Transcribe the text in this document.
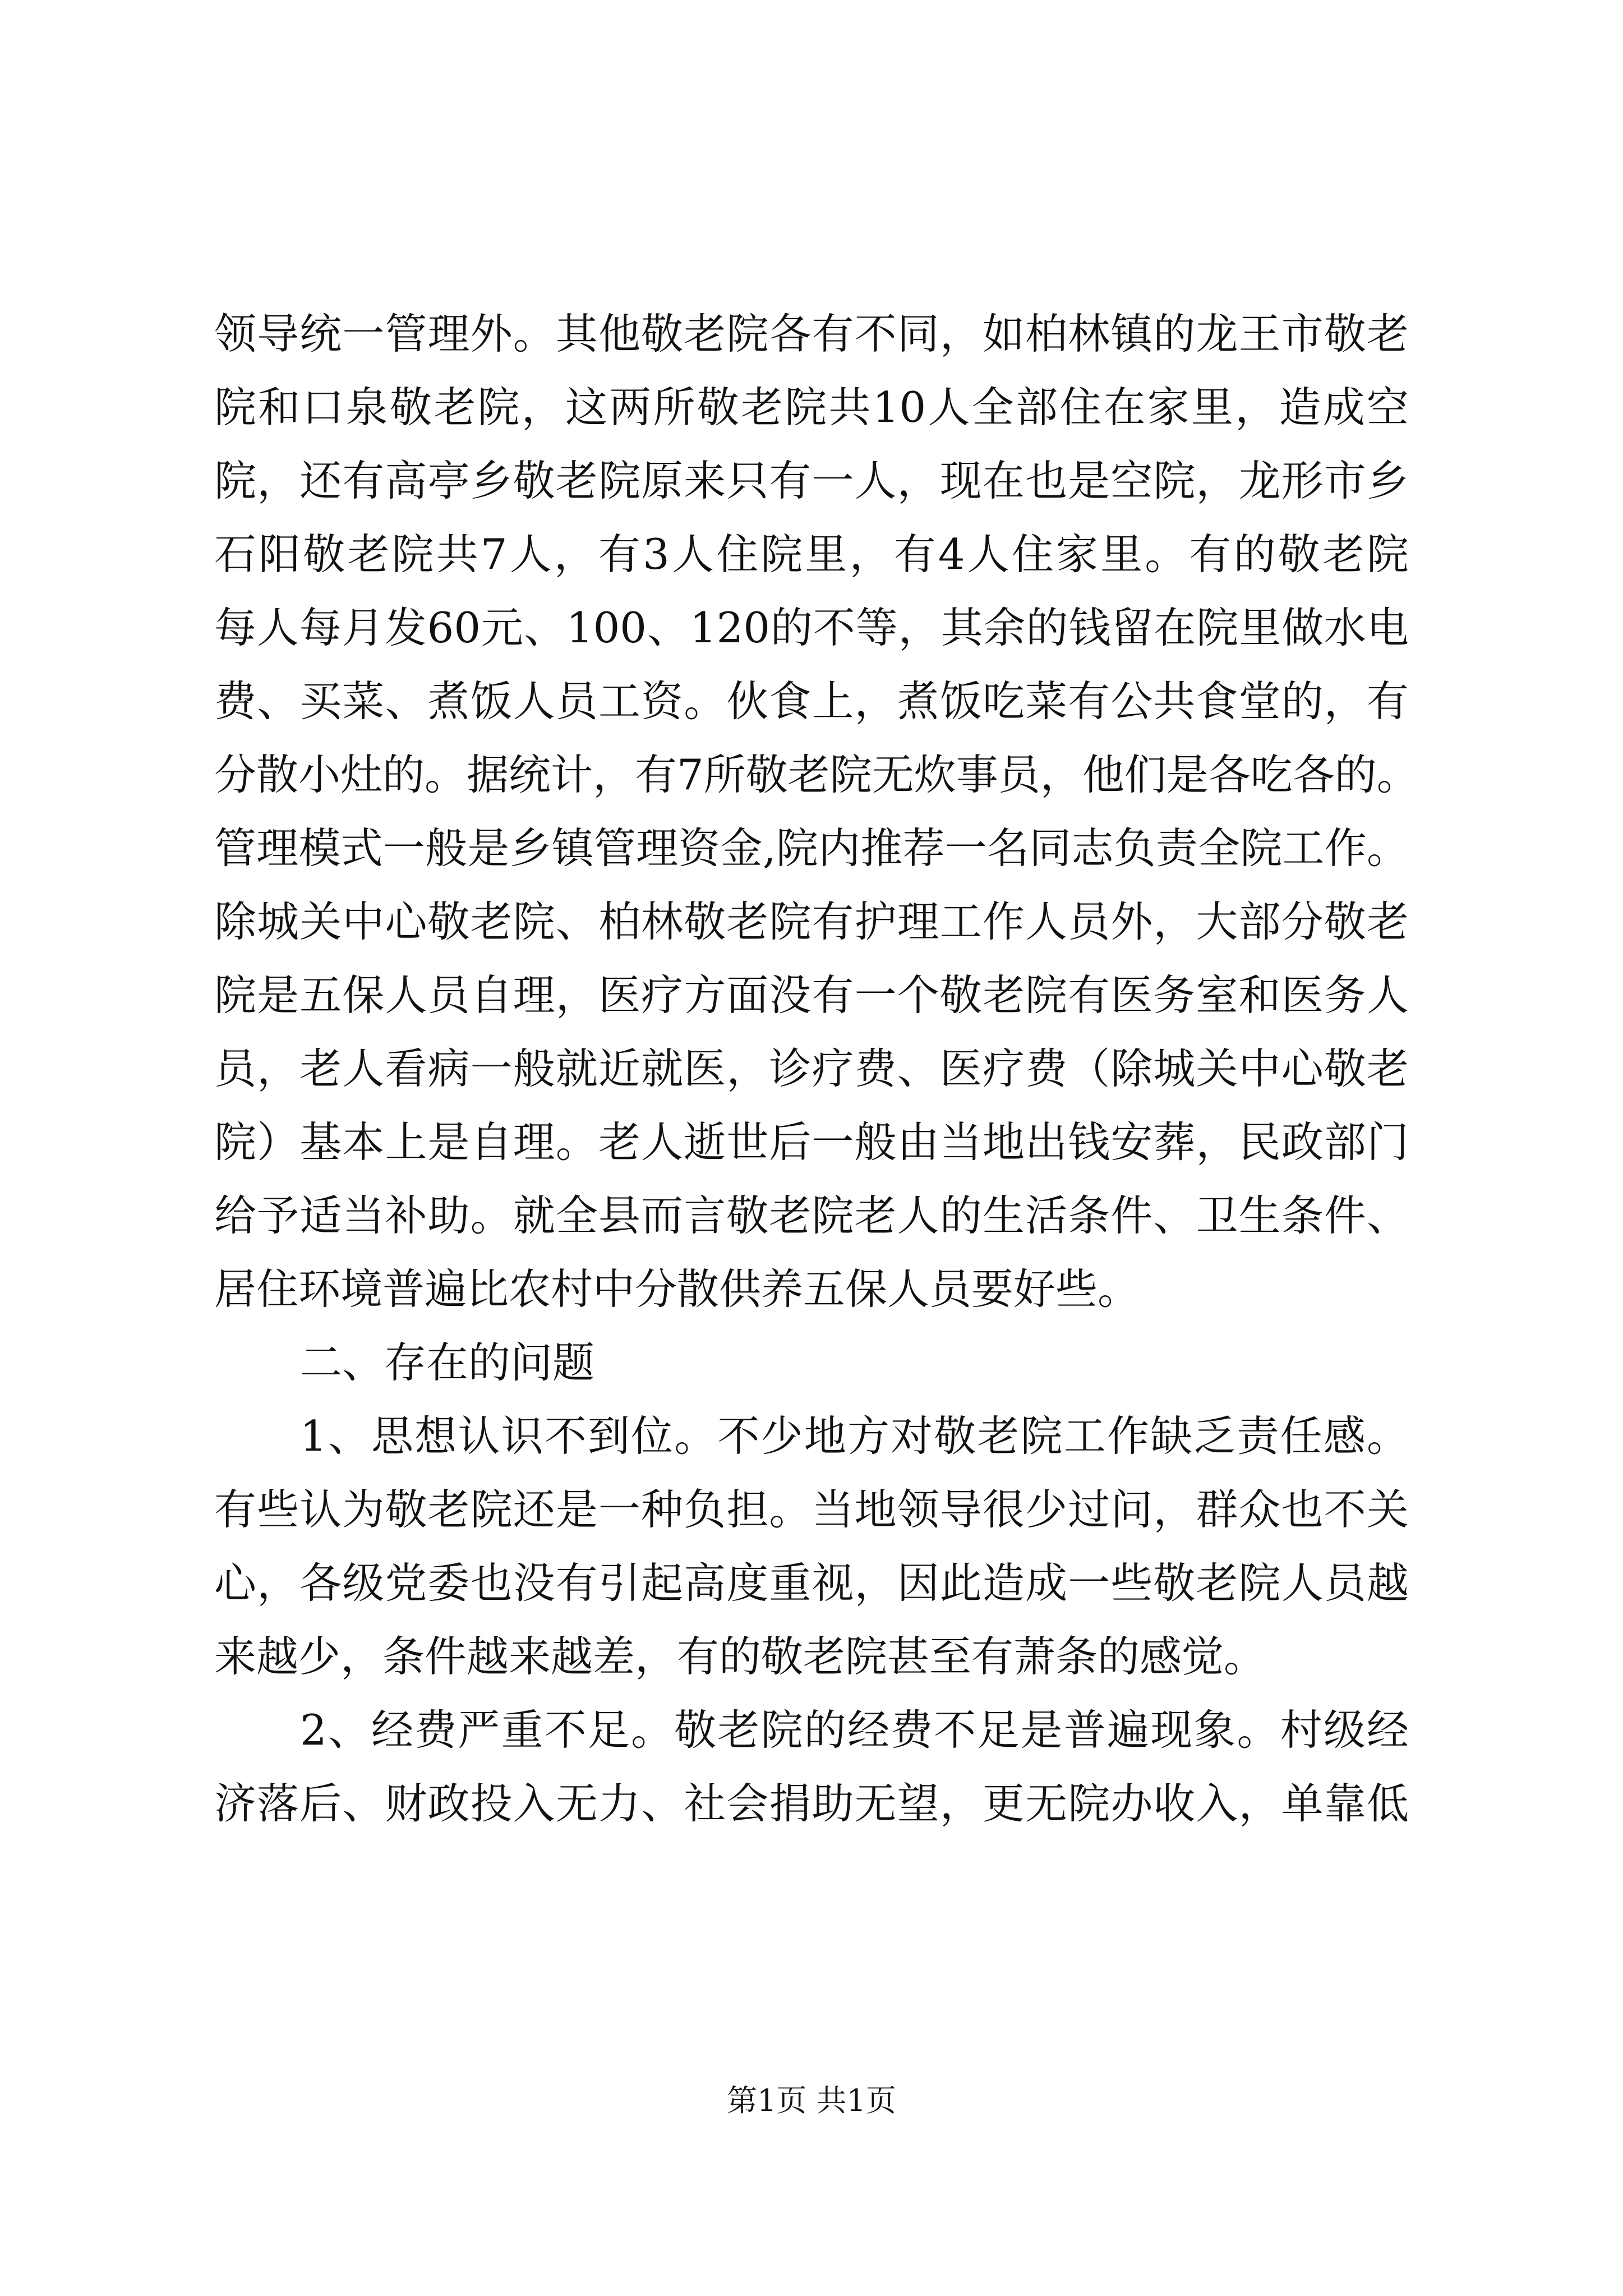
领导统一管理外。其他敬老院各有不同，如柏林镇的龙王市敬老
院和口泉敬老院，这两所敬老院共10人全部住在家里，造成空
院，还有高亭乡敬老院原来只有一人，现在也是空院，龙形市乡
石阳敬老院共7人，有3人住院里，有4人住家里。有的敬老院
每人每月发60元、100、120的不等，其余的钱留在院里做水电
费、买菜、煮饭人员工资。伙食上，煮饭吃菜有公共食堂的，有
分散小灶的。据统计，有7所敬老院无炊事员，他们是各吃各的。
管理模式一般是乡镇管理资金,院内推荐一名同志负责全院工作。
除城关中心敬老院、柏林敬老院有护理工作人员外，大部分敬老
院是五保人员自理，医疗方面没有一个敬老院有医务室和医务人
员，老人看病一般就近就医，诊疗费、医疗费（除城关中心敬老
院）基本上是自理。老人逝世后一般由当地出钱安葬，民政部门
给予适当补助。就全县而言敬老院老人的生活条件、卫生条件、
居住环境普遍比农村中分散供养五保人员要好些。
二、存在的问题
1、思想认识不到位。不少地方对敬老院工作缺乏责任感。
有些认为敬老院还是一种负担。当地领导很少过问，群众也不关
心，各级党委也没有引起高度重视，因此造成一些敬老院人员越
来越少，条件越来越差，有的敬老院甚至有萧条的感觉。
2、经费严重不足。敬老院的经费不足是普遍现象。村级经
济落后、财政投入无力、社会捐助无望，更无院办收入，单靠低
第1页 共1页
